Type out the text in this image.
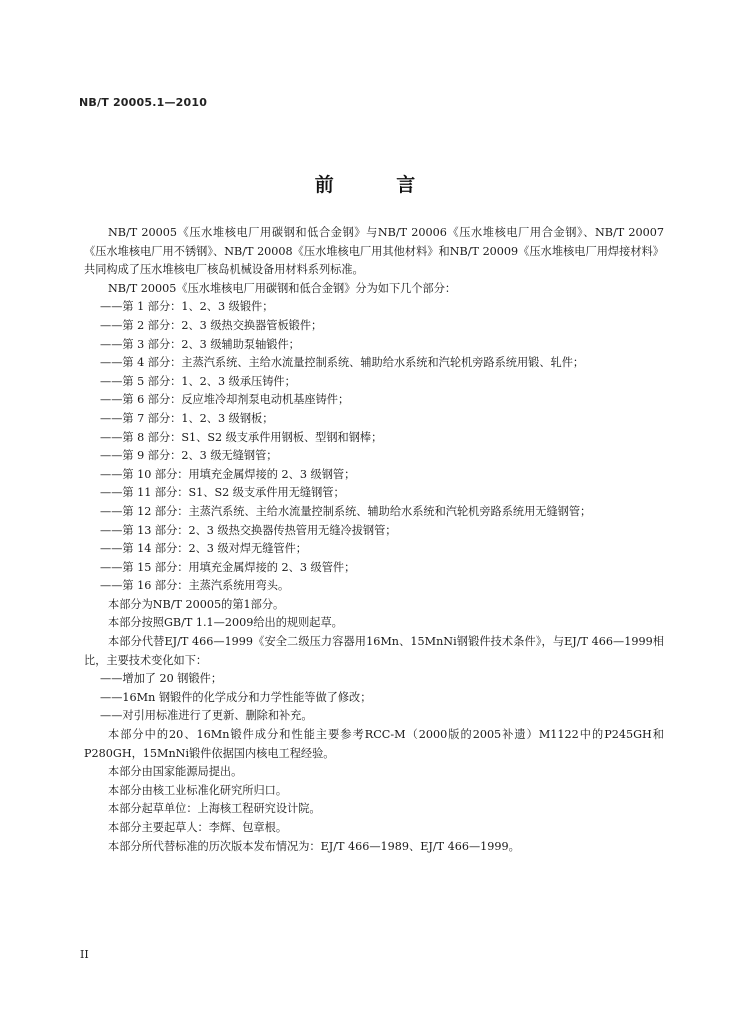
NB/T 20005.1—2010
前 言

NB/T 20005《压水堆核电厂用碳钢和低合金钢》与NB/T 20006《压水堆核电厂用合金钢》、NB/T 20007《压水堆核电厂用不锈钢》、NB/T 20008《压水堆核电厂用其他材料》和NB/T 20009《压水堆核电厂用焊接材料》共同构成了压水堆核电厂核岛机械设备用材料系列标准。

NB/T 20005《压水堆核电厂用碳钢和低合金钢》分为如下几个部分：

——第 1 部分：1、2、3 级锻件；
——第 2 部分：2、3 级热交换器管板锻件；
——第 3 部分：2、3 级辅助泵轴锻件；
——第 4 部分：主蒸汽系统、主给水流量控制系统、辅助给水系统和汽轮机旁路系统用锻、轧件；
——第 5 部分：1、2、3 级承压铸件；
——第 6 部分：反应堆冷却剂泵电动机基座铸件；
——第 7 部分：1、2、3 级钢板；
——第 8 部分：S1、S2 级支承件用钢板、型钢和钢棒；
——第 9 部分：2、3 级无缝钢管；
——第 10 部分：用填充金属焊接的 2、3 级钢管；
——第 11 部分：S1、S2 级支承件用无缝钢管；
——第 12 部分：主蒸汽系统、主给水流量控制系统、辅助给水系统和汽轮机旁路系统用无缝钢管；
——第 13 部分：2、3 级热交换器传热管用无缝冷拔钢管；
——第 14 部分：2、3 级对焊无缝管件；
——第 15 部分：用填充金属焊接的 2、3 级管件；
——第 16 部分：主蒸汽系统用弯头。

本部分为NB/T 20005的第1部分。

本部分按照GB/T 1.1—2009给出的规则起草。

本部分代替EJ/T 466—1999《安全二级压力容器用16Mn、15MnNi钢锻件技术条件》，与EJ/T 466—1999相比，主要技术变化如下：

——增加了 20 钢锻件；
——16Mn 钢锻件的化学成分和力学性能等做了修改；
——对引用标准进行了更新、删除和补充。

本部分中的20、16Mn锻件成分和性能主要参考RCC-M（2000版的2005补遗）M1122中的P245GH和P280GH，15MnNi锻件依据国内核电工程经验。

本部分由国家能源局提出。

本部分由核工业标准化研究所归口。

本部分起草单位：上海核工程研究设计院。

本部分主要起草人：李辉、包章根。

本部分所代替标准的历次版本发布情况为：EJ/T 466—1989、EJ/T 466—1999。

II
